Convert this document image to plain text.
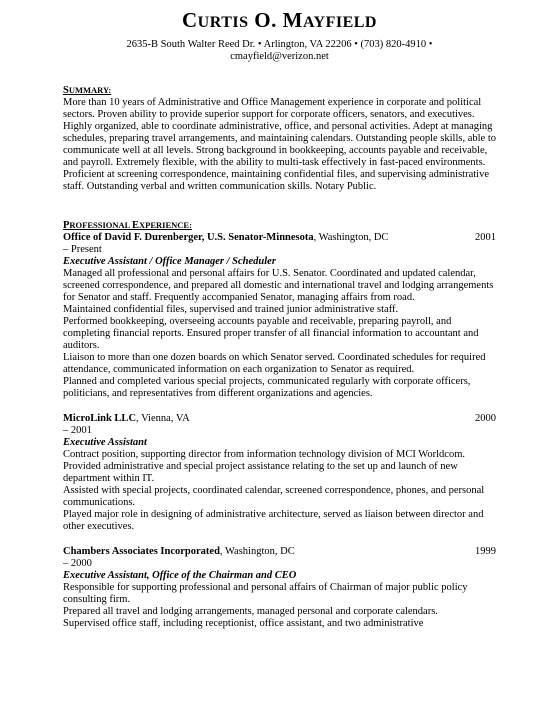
CURTIS O. MAYFIELD
2635-B South Walter Reed Dr. • Arlington, VA 22206 • (703) 820-4910 •
cmayfield@verizon.net
SUMMARY:
More than 10 years of Administrative and Office Management experience in corporate and political sectors. Proven ability to provide superior support for corporate officers, senators, and executives. Highly organized, able to coordinate administrative, office, and personal activities. Adept at managing schedules, preparing travel arrangements, and maintaining calendars. Outstanding people skills, able to communicate well at all levels. Strong background in bookkeeping, accounts payable and receivable, and payroll. Extremely flexible, with the ability to multi-task effectively in fast-paced environments. Proficient at screening correspondence, maintaining confidential files, and supervising administrative staff. Outstanding verbal and written communication skills. Notary Public.
PROFESSIONAL EXPERIENCE:
Office of David F. Durenberger, U.S. Senator-Minnesota, Washington, DC	2001
– Present
Executive Assistant / Office Manager / Scheduler
Managed all professional and personal affairs for U.S. Senator. Coordinated and updated calendar, screened correspondence, and prepared all domestic and international travel and lodging arrangements for Senator and staff. Frequently accompanied Senator, managing affairs from road.
Maintained confidential files, supervised and trained junior administrative staff.
Performed bookkeeping, overseeing accounts payable and receivable, preparing payroll, and completing financial reports. Ensured proper transfer of all financial information to accountant and auditors.
Liaison to more than one dozen boards on which Senator served. Coordinated schedules for required attendance, communicated information on each organization to Senator as required.
Planned and completed various special projects, communicated regularly with corporate officers, politicians, and representatives from different organizations and agencies.
MicroLink LLC, Vienna, VA	2000
– 2001
Executive Assistant
Contract position, supporting director from information technology division of MCI Worldcom.
Provided administrative and special project assistance relating to the set up and launch of new department within IT.
Assisted with special projects, coordinated calendar, screened correspondence, phones, and personal communications.
Played major role in designing of administrative architecture, served as liaison between director and other executives.
Chambers Associates Incorporated, Washington, DC	1999
– 2000
Executive Assistant, Office of the Chairman and CEO
Responsible for supporting professional and personal affairs of Chairman of major public policy consulting firm.
Prepared all travel and lodging arrangements, managed personal and corporate calendars.
Supervised office staff, including receptionist, office assistant, and two administrative
